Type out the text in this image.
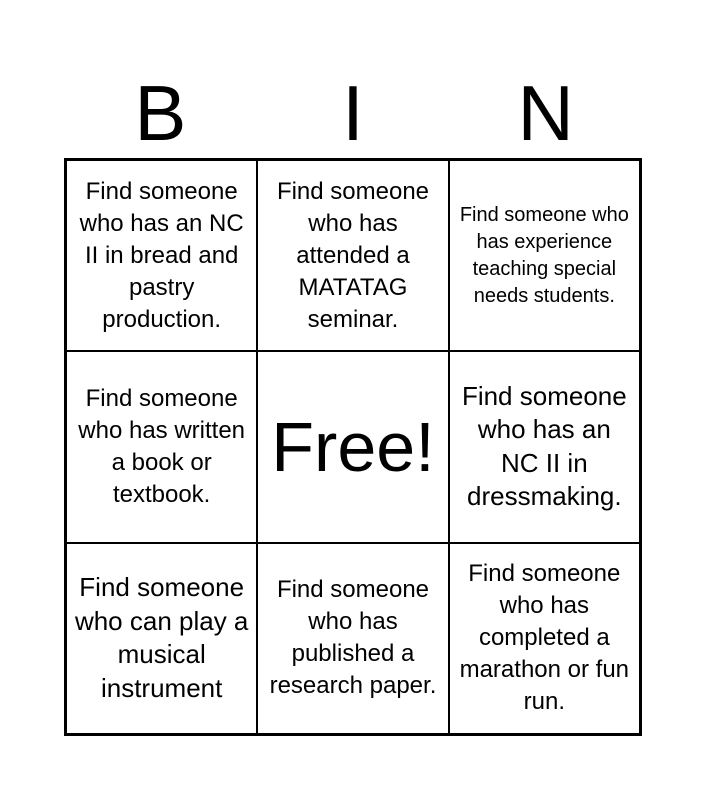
B	I	N
Find someone who has an NC II in bread and pastry production.
Find someone who has attended a MATATAG seminar.
Find someone who has experience teaching special needs students.
Find someone who has written a book or textbook.
Free!
Find someone who has an NC II in dressmaking.
Find someone who can play a musical instrument
Find someone who has published a research paper.
Find someone who has completed a marathon or fun run.
